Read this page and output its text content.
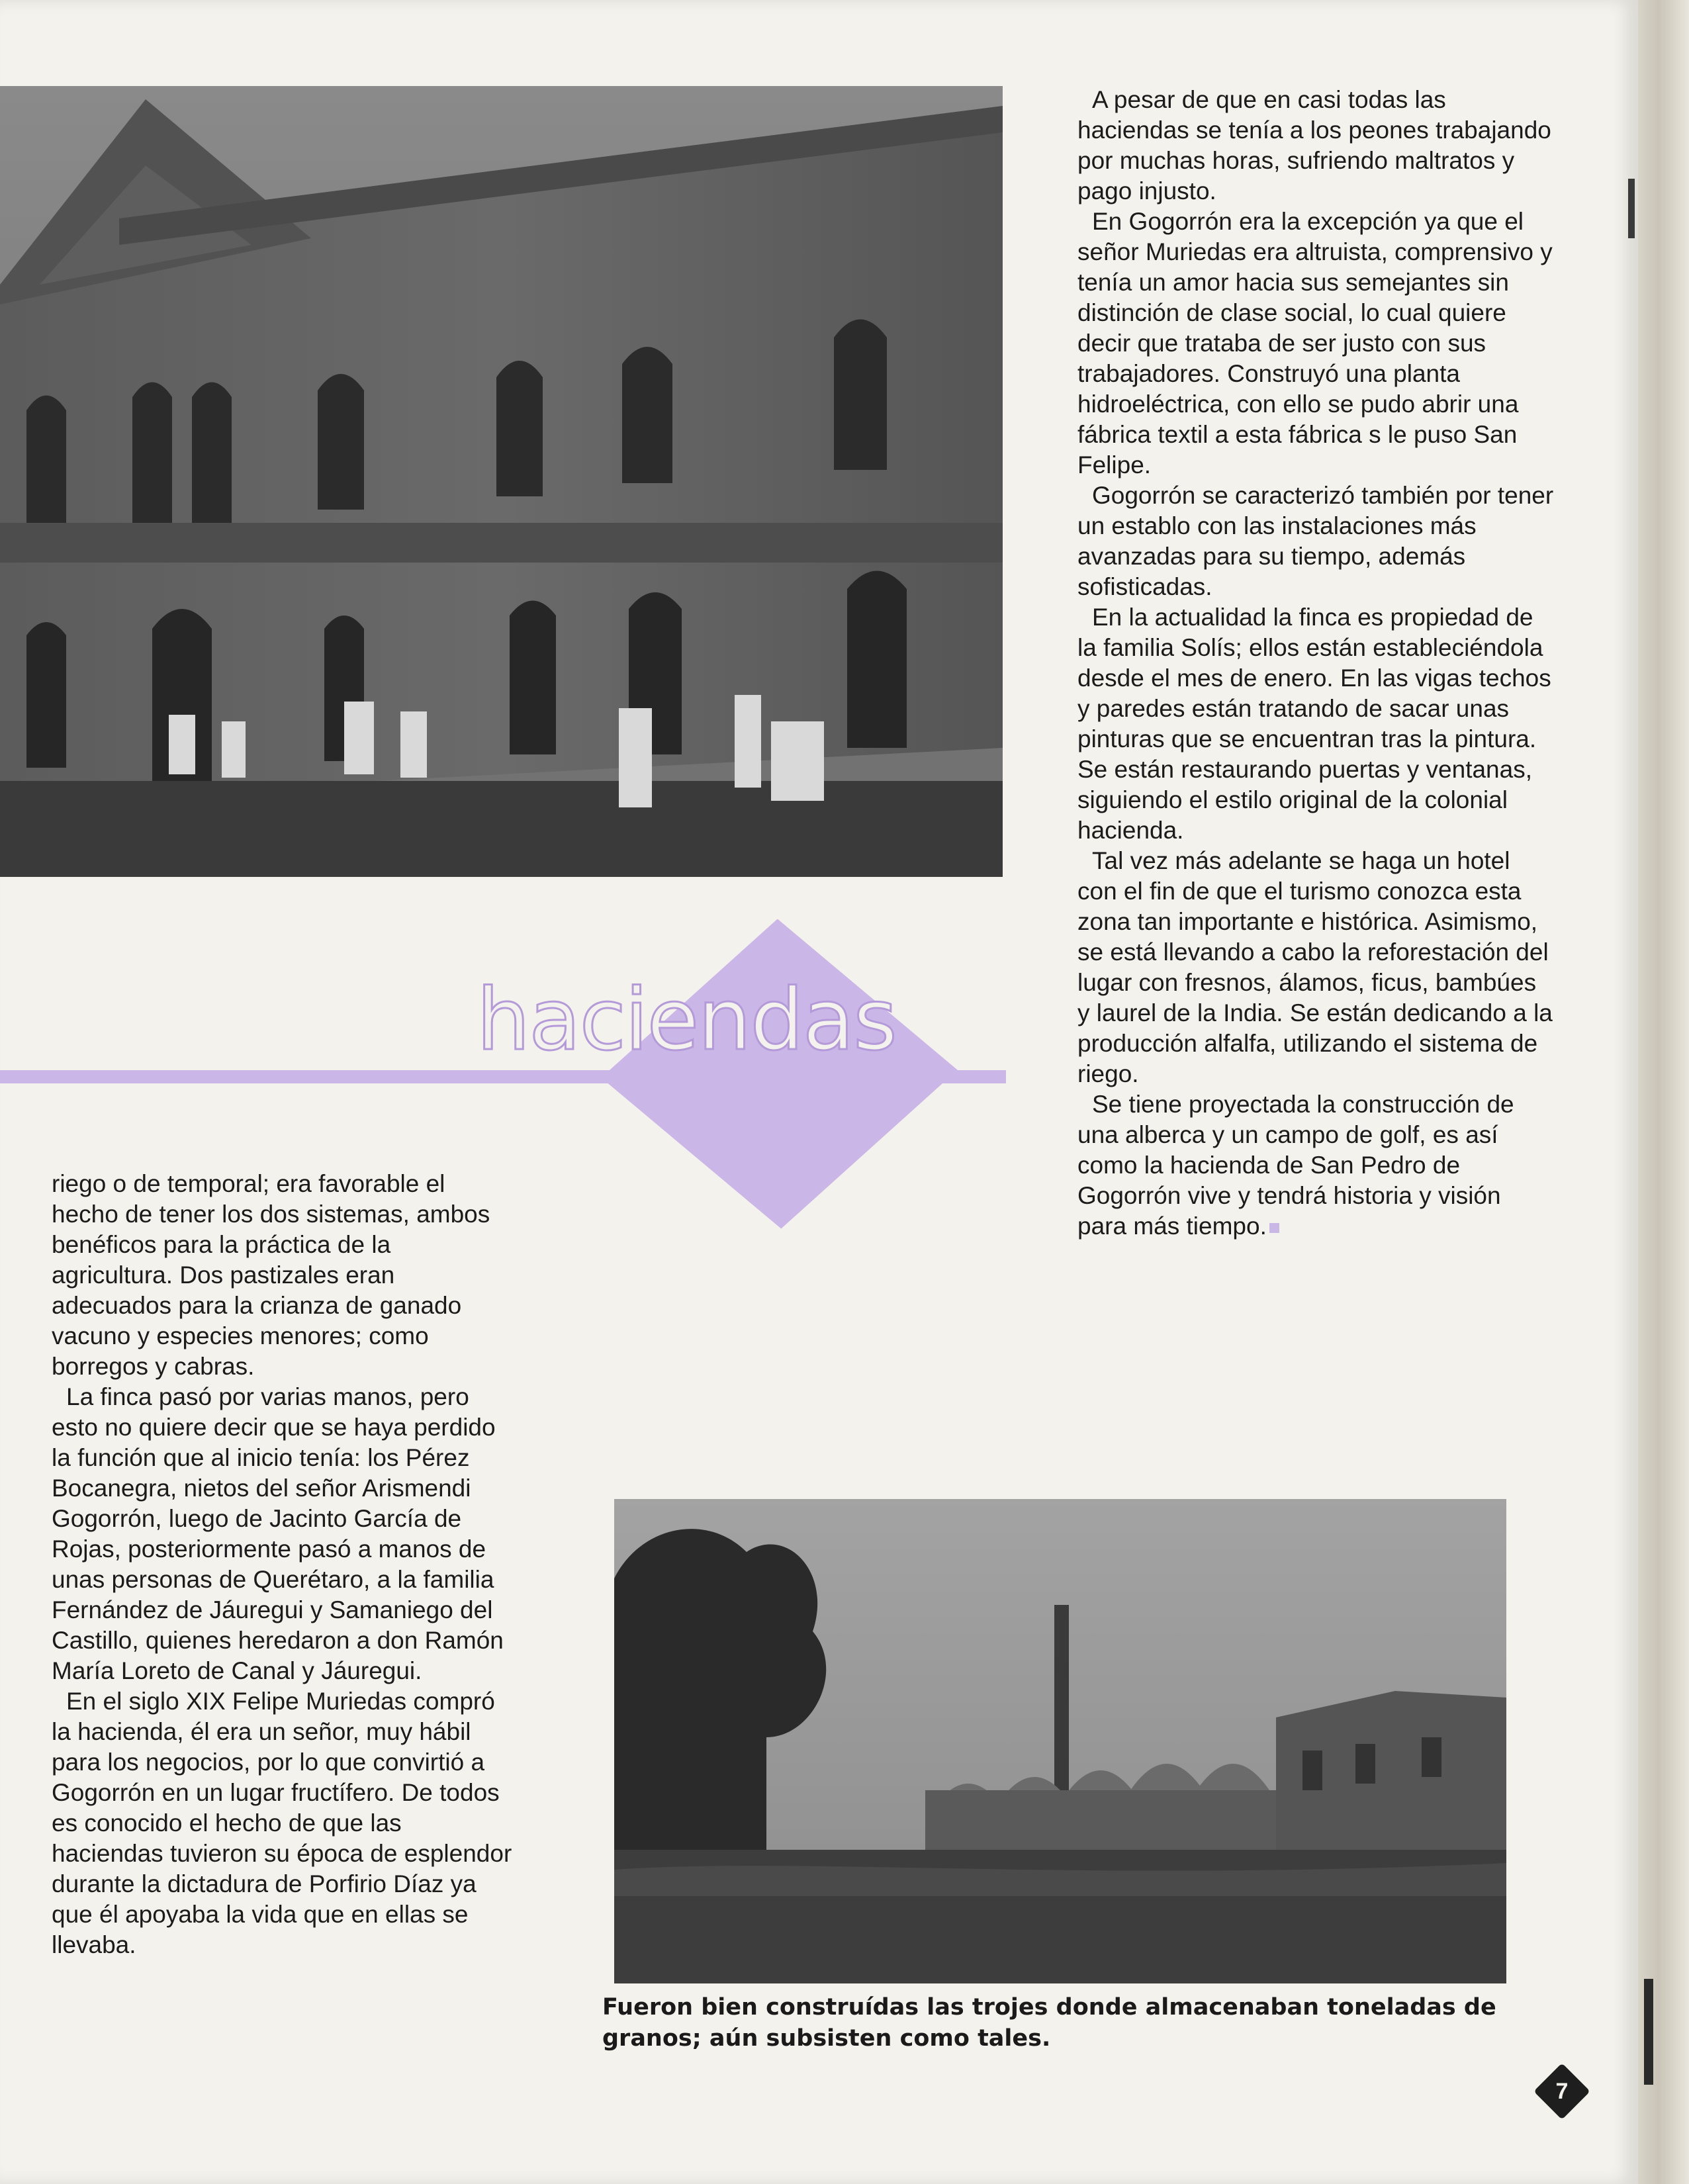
A pesar de que en casi todas las haciendas se tenía a los peones trabajando por muchas horas, sufriendo maltratos y pago injusto.

En Gogorrón era la excepción ya que el señor Muriedas era altruista, comprensivo y tenía un amor hacia sus semejantes sin distinción de clase social, lo cual quiere decir que trataba de ser justo con sus trabajadores. Construyó una planta hidroeléctrica, con ello se pudo abrir una fábrica textil a esta fábrica s le puso San Felipe.

Gogorrón se caracterizó también por tener un establo con las instalaciones más avanzadas para su tiempo, además sofisticadas.

En la actualidad la finca es propiedad de la familia Solís; ellos están estableciéndola desde el mes de enero. En las vigas techos y paredes están tratando de sacar unas pinturas que se encuentran tras la pintura. Se están restaurando puertas y ventanas, siguiendo el estilo original de la colonial hacienda.

Tal vez más adelante se haga un hotel con el fin de que el turismo conozca esta zona tan importante e histórica. Asimismo, se está llevando a cabo la reforestación del lugar con fresnos, álamos, ficus, bambúes y laurel de la India. Se están dedicando a la producción alfalfa, utilizando el sistema de riego.

Se tiene proyectada la construcción de una alberca y un campo de golf, es así como la hacienda de San Pedro de Gogorrón vive y tendrá historia y visión para más tiempo.

haciendas

riego o de temporal; era favorable el hecho de tener los dos sistemas, ambos benéficos para la práctica de la agricultura. Dos pastizales eran adecuados para la crianza de ganado vacuno y especies menores; como borregos y cabras.

La finca pasó por varias manos, pero esto no quiere decir que se haya perdido la función que al inicio tenía: los Pérez Bocanegra, nietos del señor Arismendi Gogorrón, luego de Jacinto García de Rojas, posteriormente pasó a manos de unas personas de Querétaro, a la familia Fernández de Jáuregui y Samaniego del Castillo, quienes heredaron a don Ramón María Loreto de Canal y Jáuregui.

En el siglo XIX Felipe Muriedas compró la hacienda, él era un señor, muy hábil para los negocios, por lo que convirtió a Gogorrón en un lugar fructífero. De todos es conocido el hecho de que las haciendas tuvieron su época de esplendor durante la dictadura de Porfirio Díaz ya que él apoyaba la vida que en ellas se llevaba.

Fueron bien construídas las trojes donde almacenaban toneladas de granos; aún subsisten como tales.
7
